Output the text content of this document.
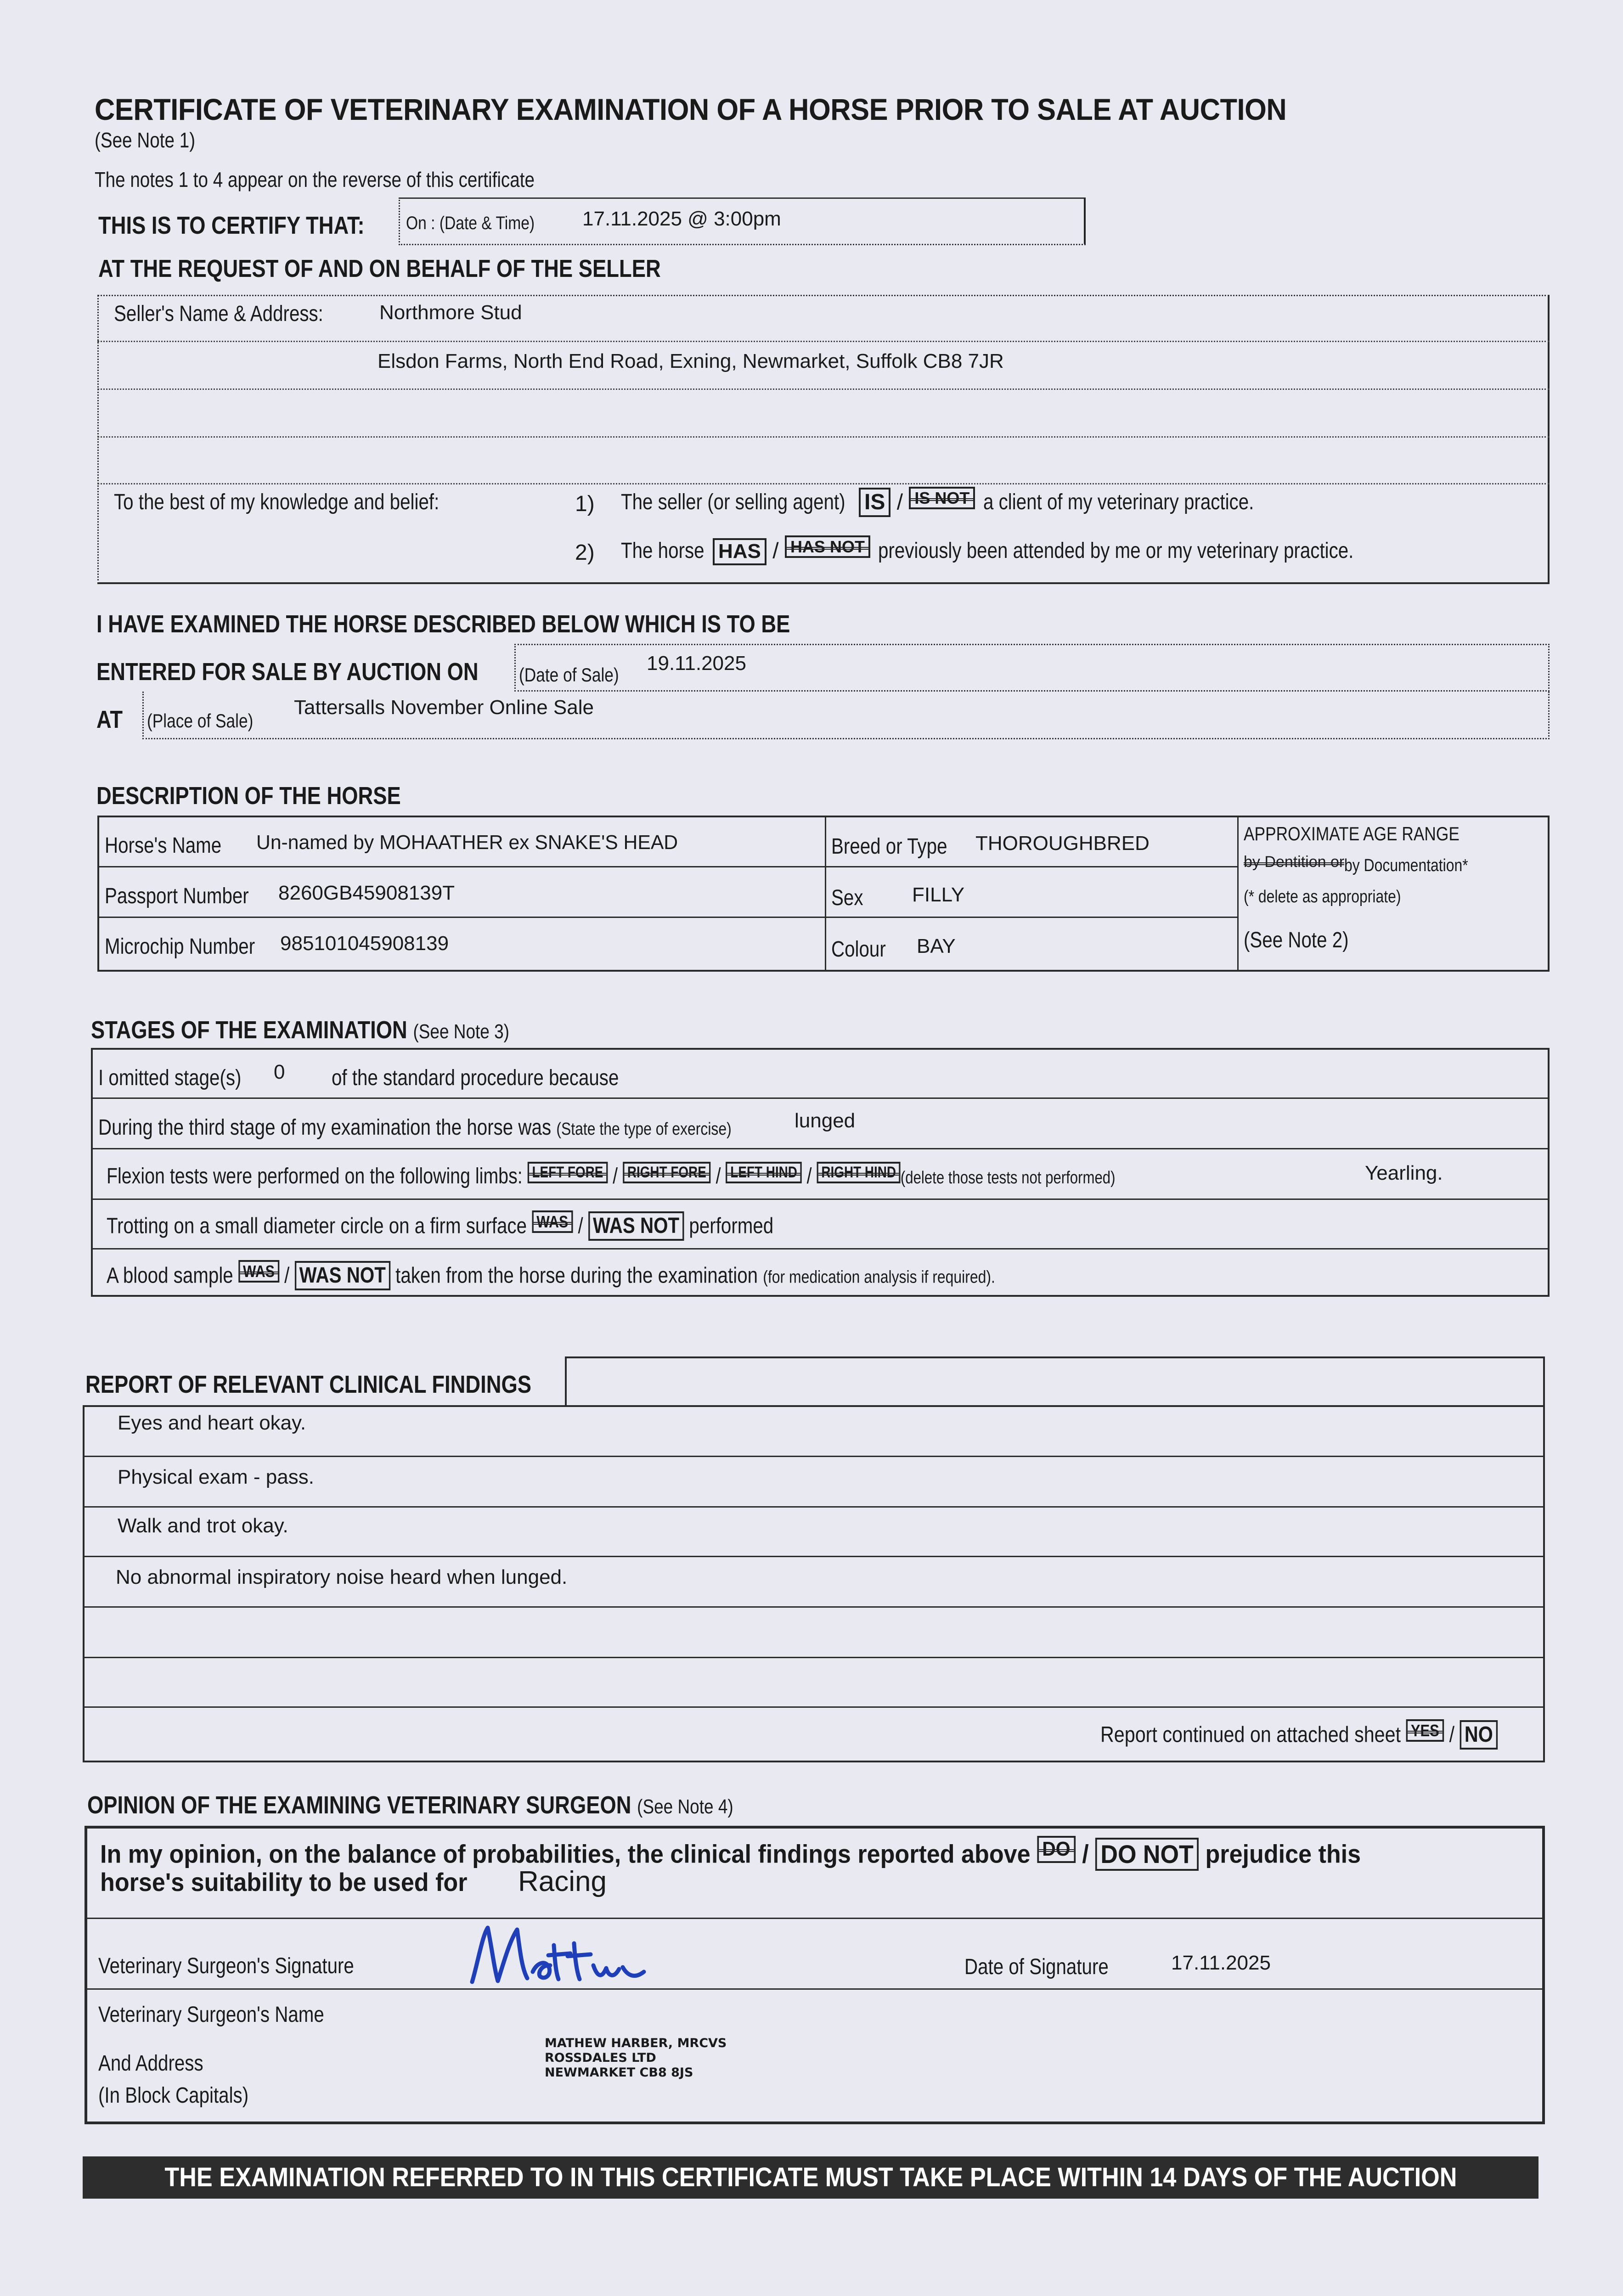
CERTIFICATE OF VETERINARY EXAMINATION OF A HORSE PRIOR TO SALE AT AUCTION
(See Note 1)
The notes 1 to 4 appear on the reverse of this certificate
THIS IS TO CERTIFY THAT:	On : (Date & Time)	17.11.2025 @ 3:00pm
AT THE REQUEST OF AND ON BEHALF OF THE SELLER
Seller's Name & Address:	Northmore Stud
Elsdon Farms, North End Road, Exning, Newmarket, Suffolk CB8 7JR
To the best of my knowledge and belief:	1) The seller (or selling agent) IS / IS NOT a client of my veterinary practice.
2) The horse HAS / HAS NOT previously been attended by me or my veterinary practice.
I HAVE EXAMINED THE HORSE DESCRIBED BELOW WHICH IS TO BE
ENTERED FOR SALE BY AUCTION ON	(Date of Sale)
19.11.2025
AT (Place of Sale)
Tattersalls November Online Sale
DESCRIPTION OF THE HORSE
Horse's Name	Un-named by MOHAATHER ex SNAKE'S HEAD	Breed or Type	THOROUGHBRED	APPROXIMATE AGE RANGE
by Dentition orby Documentation*
(* delete as appropriate)
(See Note 2)
Passport Number	8260GB45908139T	Sex	FILLY
Microchip Number	985101045908139	Colour	BAY
STAGES OF THE EXAMINATION (See Note 3)
I omitted stage(s)	0 of the standard procedure because
During the third stage of my examination the horse was (State the type of exercise)	lunged
Flexion tests were performed on the following limbs: LEFT FORE / RIGHT FORE / LEFT HIND / RIGHT HIND (delete those tests not performed)	Yearling.
Trotting on a small diameter circle on a firm surface WAS / WAS NOT performed
A blood sample WAS / WAS NOT taken from the horse during the examination (for medication analysis if required).
REPORT OF RELEVANT CLINICAL FINDINGS
Eyes and heart okay.
Physical exam - pass.
Walk and trot okay.
No abnormal inspiratory noise heard when lunged.
Report continued on attached sheet YES / NO
OPINION OF THE EXAMINING VETERINARY SURGEON (See Note 4)
In my opinion, on the balance of probabilities, the clinical findings reported above DO / DO NOT prejudice this
horse's suitability to be used for	Racing
Veterinary Surgeon's Signature	Date of Signature	17.11.2025
Veterinary Surgeon's Name
And Address
(In Block Capitals)
MATHEW HARBER, MRCVS
ROSSDALES LTD
NEWMARKET CB8 8JS
THE EXAMINATION REFERRED TO IN THIS CERTIFICATE MUST TAKE PLACE WITHIN 14 DAYS OF THE AUCTION
